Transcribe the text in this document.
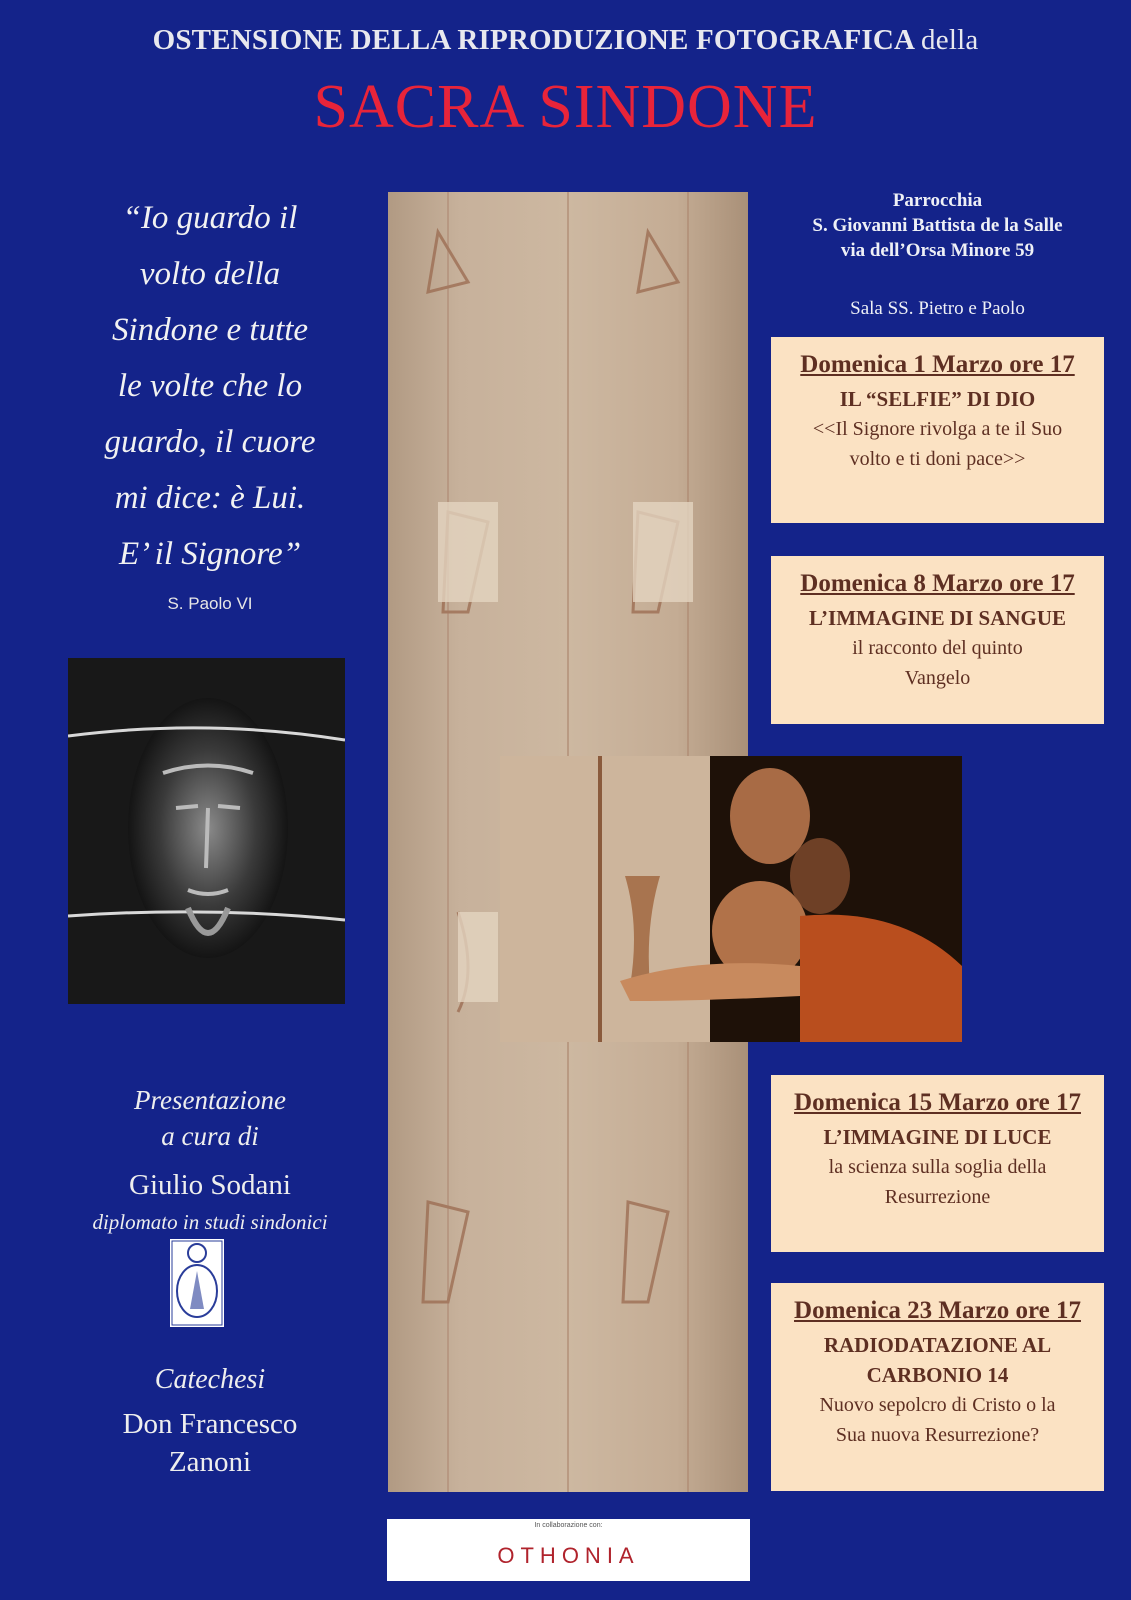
OSTENSIONE DELLA RIPRODUZIONE FOTOGRAFICA della
SACRA SINDONE
“Io guardo il
volto della
Sindone e tutte
le volte che lo
guardo, il cuore
mi dice: è Lui.
E’ il Signore”
S. Paolo VI
Parrocchia
S. Giovanni Battista de la Salle
via dell’Orsa Minore 59
Sala SS. Pietro e Paolo
Domenica 1 Marzo ore 17
IL “SELFIE” DI DIO
<<Il Signore rivolga a te il Suo
volto e ti doni pace>>
Domenica 8 Marzo ore 17
L’IMMAGINE DI SANGUE
il racconto del quinto
Vangelo
Domenica 15 Marzo ore 17
L’IMMAGINE DI LUCE
la scienza sulla soglia della
Resurrezione
Domenica 23 Marzo ore 17
RADIODATAZIONE AL
CARBONIO 14
Nuovo sepolcro di Cristo o la
Sua nuova Resurrezione?
Presentazione
a cura di
Giulio Sodani
diplomato in studi sindonici
Catechesi
Don Francesco
Zanoni
In collaborazione con:
OTHONIA
